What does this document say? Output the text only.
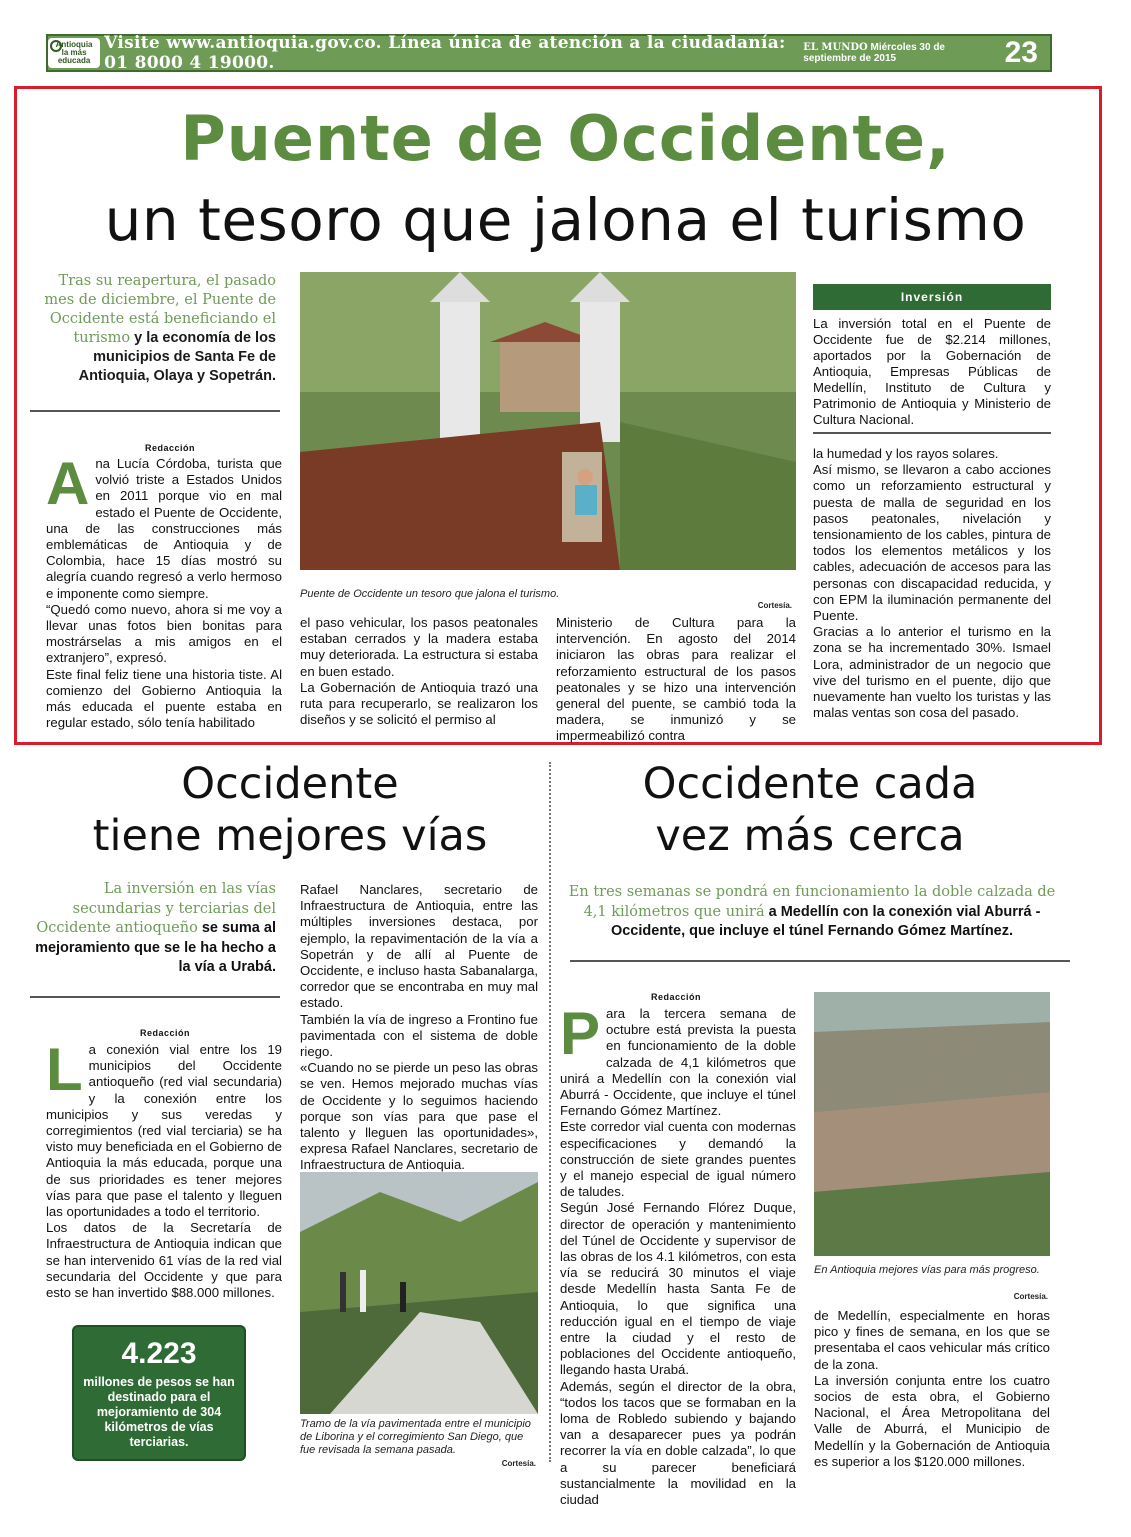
Antioquia
la más
educada
Visite www.antioquia.gov.co. Línea única de atención a la ciudadanía: 01 8000 4 19000.
EL MUNDO Miércoles 30 de septiembre de 2015	23
Puente de Occidente,
un tesoro que jalona el turismo
Tras su reapertura, el pasado mes de diciembre, el Puente de Occidente está beneficiando el turismo y la economía de los municipios de Santa Fe de Antioquia, Olaya y Sopetrán.
Redacción

Ana Lucía Córdoba, turista que volvió triste a Estados Unidos en 2011 porque vio en mal estado el Puente de Occidente, una de las construcciones más emblemáticas de Antioquia y de Colombia, hace 15 días mostró su alegría cuando regresó a verlo hermoso e imponente como siempre.

“Quedó como nuevo, ahora si me voy a llevar unas fotos bien bonitas para mostrárselas a mis amigos en el extranjero”, expresó.

Este final feliz tiene una historia tiste. Al comienzo del Gobierno Antioquia la más educada el puente estaba en regular estado, sólo tenía habilitado

Puente de Occidente un tesoro que jalona el turismo.
Cortesía.

el paso vehicular, los pasos peatonales estaban cerrados y la madera estaba muy deteriorada. La estructura si estaba en buen estado.

La Gobernación de Antioquia trazó una ruta para recuperarlo, se realizaron los diseños y se solicitó el permiso al

Ministerio de Cultura para la intervención. En agosto del 2014 iniciaron las obras para realizar el reforzamiento estructural de los pasos peatonales y se hizo una intervención general del puente, se cambió toda la madera, se inmunizó y se impermeabilizó contra

Inversión
La inversión total en el Puente de Occidente fue de $2.214 millones, aportados por la Gobernación de Antioquia, Empresas Públicas de Medellín, Instituto de Cultura y Patrimonio de Antioquia y Ministerio de Cultura Nacional.

la humedad y los rayos solares.

Así mismo, se llevaron a cabo acciones como un reforzamiento estructural y puesta de malla de seguridad en los pasos peatonales, nivelación y tensionamiento de los cables, pintura de todos los elementos metálicos y los cables, adecuación de accesos para las personas con discapacidad reducida, y con EPM la iluminación permanente del Puente.

Gracias a lo anterior el turismo en la zona se ha incrementado 30%. Ismael Lora, administrador de un negocio que vive del turismo en el puente, dijo que nuevamente han vuelto los turistas y las malas ventas son cosa del pasado.

Occidente
tiene mejores vías
La inversión en las vías secundarias y terciarias del Occidente antioqueño se suma al mejoramiento que se le ha hecho a la vía a Urabá.
Redacción

La conexión vial entre los 19 municipios del Occidente antioqueño (red vial secundaria) y la conexión entre los municipios y sus veredas y corregimientos (red vial terciaria) se ha visto muy beneficiada en el Gobierno de Antioquia la más educada, porque una de sus prioridades es tener mejores vías para que pase el talento y lleguen las oportunidades a todo el territorio.

Los datos de la Secretaría de Infraestructura de Antioquia indican que se han intervenido 61 vías de la red vial secundaria del Occidente y que para esto se han invertido $88.000 millones.

Rafael Nanclares, secretario de Infraestructura de Antioquia, entre las múltiples inversiones destaca, por ejemplo, la repavimentación de la vía a Sopetrán y de allí al Puente de Occidente, e incluso hasta Sabanalarga, corredor que se encontraba en muy mal estado.

También la vía de ingreso a Frontino fue pavimentada con el sistema de doble riego.

«Cuando no se pierde un peso las obras se ven. Hemos mejorado muchas vías de Occidente y lo seguimos haciendo porque son vías para que pase el talento y lleguen las oportunidades», expresa Rafael Nanclares, secretario de Infraestructura de Antioquia.

Tramo de la vía pavimentada entre el municipio de Liborina y el corregimiento San Diego, que fue revisada la semana pasada.
Cortesía.
4.223
millones de pesos se han destinado para el mejoramiento de 304 kilómetros de vías terciarias.
Occidente cada
vez más cerca
En tres semanas se pondrá en funcionamiento la doble calzada de 4,1 kilómetros que unirá a Medellín con la conexión vial Aburrá - Occidente, que incluye el túnel Fernando Gómez Martínez.
Redacción

Para la tercera semana de octubre está prevista la puesta en funcionamiento de la doble calzada de 4,1 kilómetros que unirá a Medellín con la conexión vial Aburrá - Occidente, que incluye el túnel Fernando Gómez Martínez.

Este corredor vial cuenta con modernas especificaciones y demandó la construcción de siete grandes puentes y el manejo especial de igual número de taludes.

Según José Fernando Flórez Duque, director de operación y mantenimiento del Túnel de Occidente y supervisor de las obras de los 4.1 kilómetros, con esta vía se reducirá 30 minutos el viaje desde Medellín hasta Santa Fe de Antioquia, lo que significa una reducción igual en el tiempo de viaje entre la ciudad y el resto de poblaciones del Occidente antioqueño, llegando hasta Urabá.

Además, según el director de la obra, “todos los tacos que se formaban en la loma de Robledo subiendo y bajando van a desaparecer pues ya podrán recorrer la vía en doble calzada”, lo que a su parecer beneficiará sustancialmente la movilidad en la ciudad

En Antioquia mejores vías para más progreso.
Cortesía.

de Medellín, especialmente en horas pico y fines de semana, en los que se presentaba el caos vehicular más crítico de la zona.

La inversión conjunta entre los cuatro socios de esta obra, el Gobierno Nacional, el Área Metropolitana del Valle de Aburrá, el Municipio de Medellín y la Gobernación de Antioquia es superior a los $120.000 millones.
